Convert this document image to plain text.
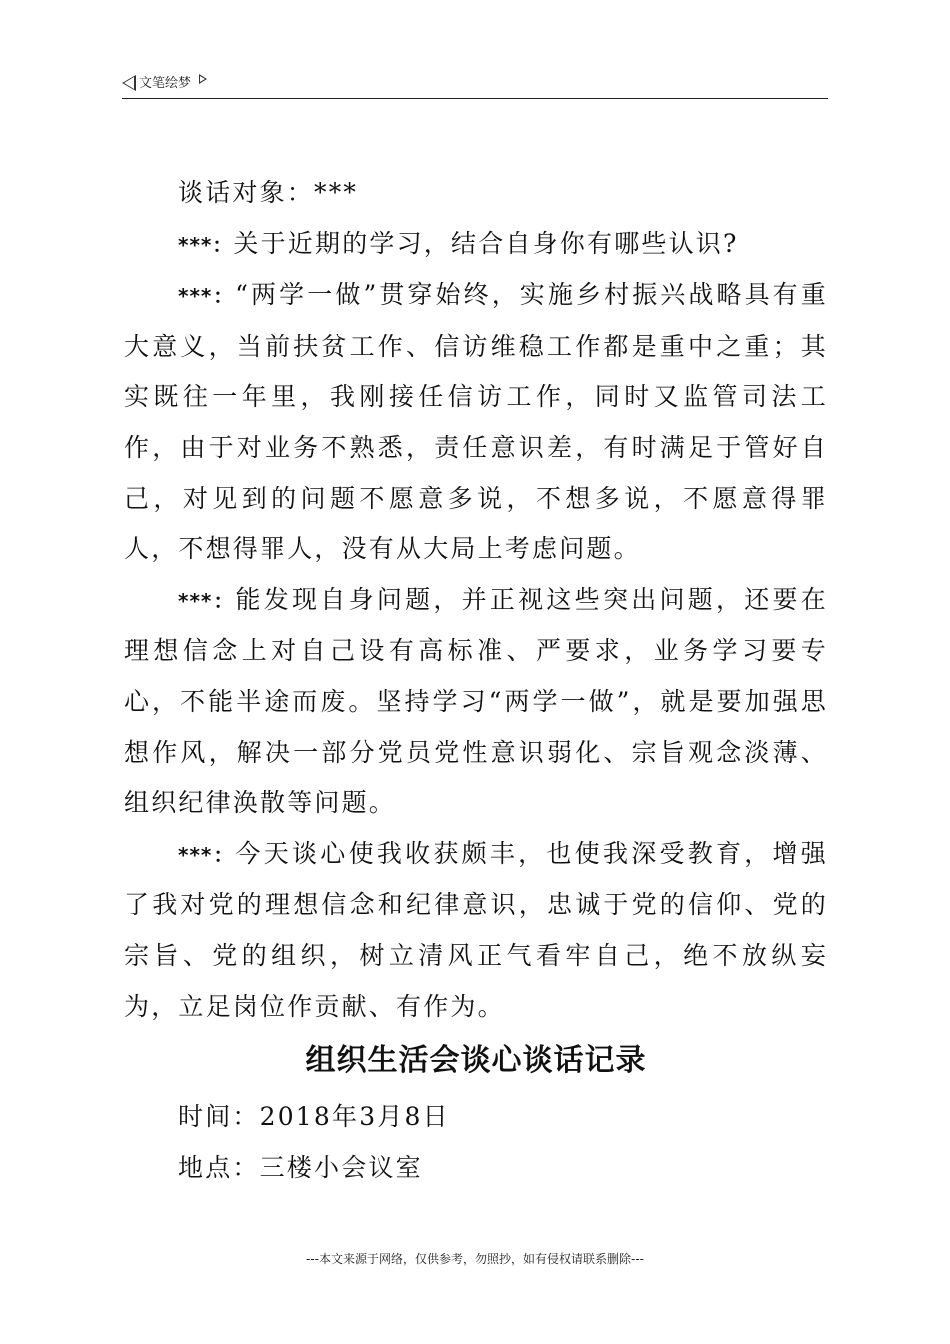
文笔绘梦

谈话对象：***

***：关于近期的学习，结合自身你有哪些认识?

***：“两学一做”贯穿始终，实施乡村振兴战略具有重大意义，当前扶贫工作、信访维稳工作都是重中之重；其实既往一年里，我刚接任信访工作，同时又监管司法工作，由于对业务不熟悉，责任意识差，有时满足于管好自己，对见到的问题不愿意多说，不想多说，不愿意得罪人，不想得罪人，没有从大局上考虑问题。

***：能发现自身问题，并正视这些突出问题，还要在理想信念上对自己设有高标准、严要求，业务学习要专心，不能半途而废。坚持学习“两学一做”，就是要加强思想作风，解决一部分党员党性意识弱化、宗旨观念淡薄、组织纪律涣散等问题。

***：今天谈心使我收获颇丰，也使我深受教育，增强了我对党的理想信念和纪律意识，忠诚于党的信仰、党的宗旨、党的组织，树立清风正气看牢自己，绝不放纵妄为，立足岗位作贡献、有作为。

组织生活会谈心谈话记录

时间：2018年3月8日

地点：三楼小会议室

---本文来源于网络，仅供参考，勿照抄，如有侵权请联系删除---
